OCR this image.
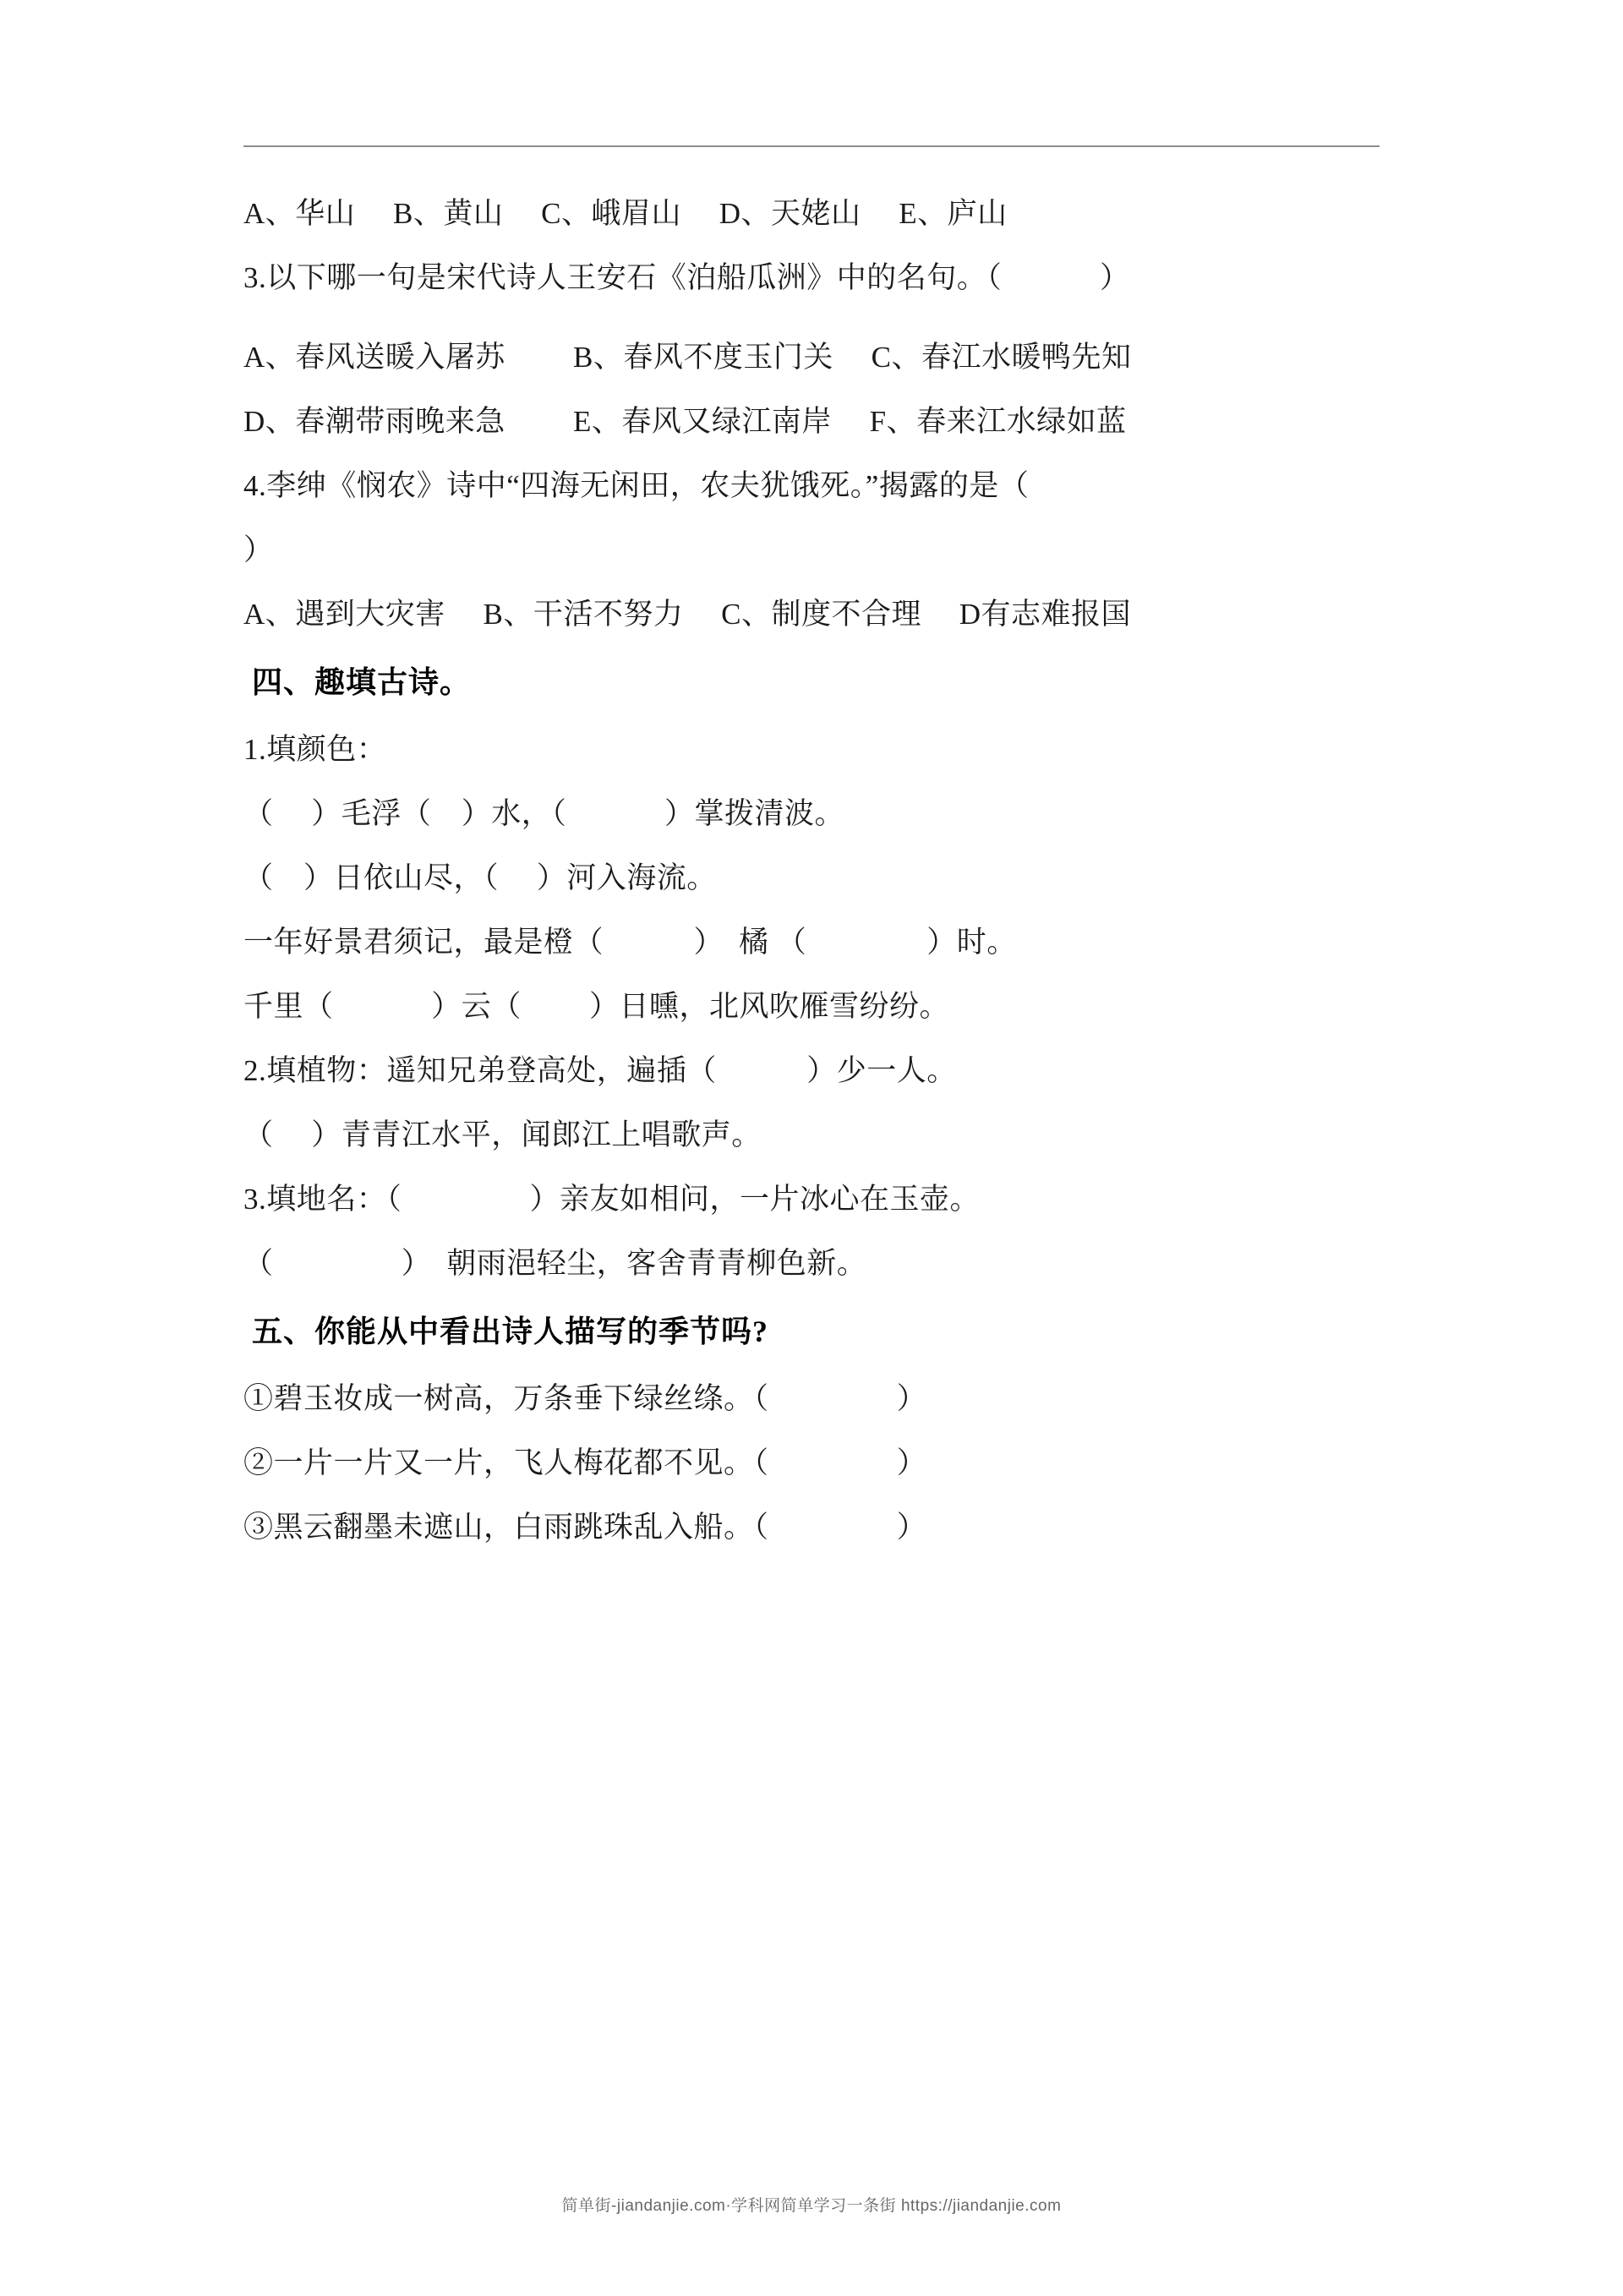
A、华山　 B、黄山　 C、峨眉山　 D、天姥山　 E、庐山
3.以下哪一句是宋代诗人王安石《泊船瓜洲》中的名句。（　　　 ）
A、春风送暖入屠苏　　 B、春风不度玉门关　 C、春江水暖鸭先知
D、春潮带雨晚来急　　 E、春风又绿江南岸　 F、春来江水绿如蓝
4.李绅《悯农》诗中“四海无闲田，农夫犹饿死。”揭露的是（
）
A、遇到大灾害　 B、干活不努力　 C、制度不合理　 D有志难报国
四、趣填古诗。
1.填颜色：
（　 ）毛浮（　）水，（　　　 ）掌拨清波。
（　）日依山尽，（　 ）河入海流。
一年好景君须记，最是橙（　　　）　橘 （　　　　）时。
千里（　　　 ）云（　　 ）日曛，北风吹雁雪纷纷。
2.填植物：遥知兄弟登高处，遍插（　　　）少一人。
（　 ）青青江水平，闻郎江上唱歌声。
3.填地名：（　　　　 ）亲友如相问，一片冰心在玉壶。
（　　　　 ）　朝雨浥轻尘，客舍青青柳色新。
五、你能从中看出诗人描写的季节吗?
①碧玉妆成一树高，万条垂下绿丝绦。（　　　　 ）
②一片一片又一片，飞人梅花都不见。（　　　　 ）
③黑云翻墨未遮山，白雨跳珠乱入船。（　　　　 ）
简单街-jiandanjie.com·学科网简单学习一条街 https://jiandanjie.com
